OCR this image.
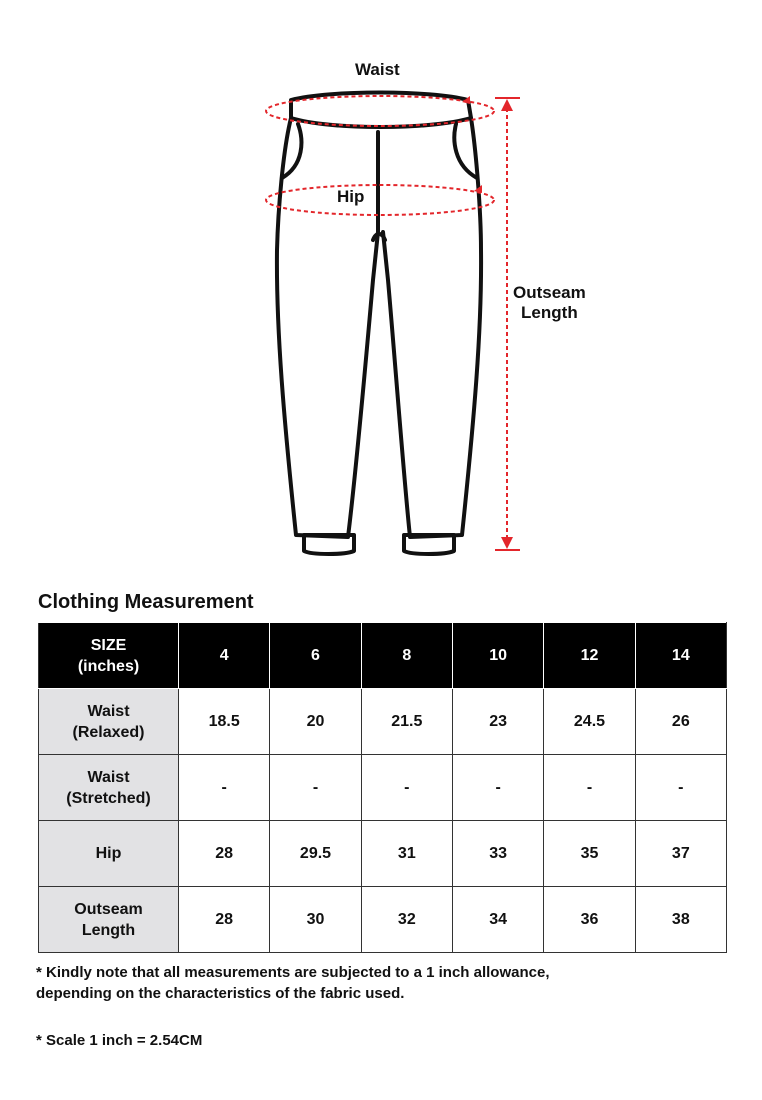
Waist
Hip
Outseam
Length
Clothing Measurement
SIZE
(inches)	4	6	8	10	12	14
Waist
(Relaxed)	18.5	20	21.5	23	24.5	26
Waist
(Stretched)	-	-	-	-	-	-
Hip	28	29.5	31	33	35	37
Outseam
Length	28	30	32	34	36	38
* Kindly note that all measurements are subjected to a 1 inch allowance,
depending on the characteristics of the fabric used.
* Scale 1 inch = 2.54CM
